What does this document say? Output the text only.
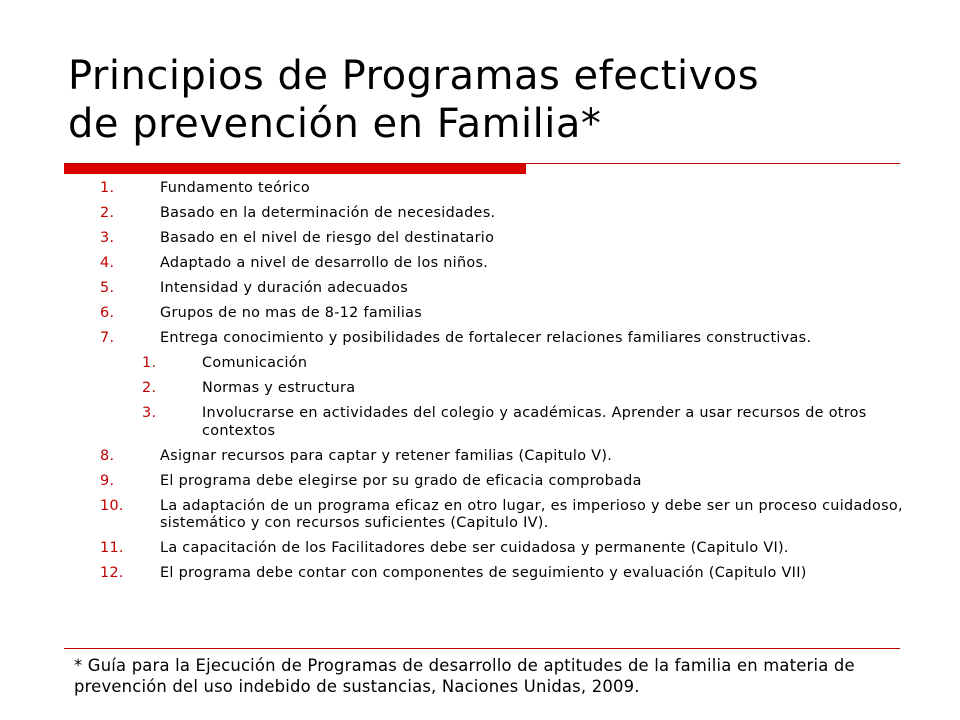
Principios de Programas efectivos
de prevención en Familia*
1.	Fundamento teórico
2.	Basado en la determinación de necesidades.
3.	Basado en el nivel de riesgo del destinatario
4.	Adaptado a nivel de desarrollo de los niños.
5.	Intensidad y duración adecuados
6.	Grupos de no mas de 8-12 familias
7.	Entrega conocimiento y posibilidades de fortalecer relaciones familiares constructivas.
1.	Comunicación
2.	Normas y estructura
3.	Involucrarse en actividades del colegio y académicas. Aprender a usar recursos de otros contextos
8.	Asignar recursos para captar y retener familias (Capitulo V).
9.	El programa debe elegirse por su grado de eficacia comprobada
10.	La adaptación de un programa eficaz en otro lugar, es imperioso y debe ser un proceso cuidadoso, sistemático y con recursos suficientes (Capitulo IV).
11.	La capacitación de los Facilitadores debe ser cuidadosa y permanente (Capitulo VI).
12.	El programa debe contar con componentes de seguimiento y evaluación (Capitulo VII)
* Guía para la Ejecución de Programas de desarrollo de aptitudes de la familia en materia de prevención del uso indebido de sustancias, Naciones Unidas, 2009.
